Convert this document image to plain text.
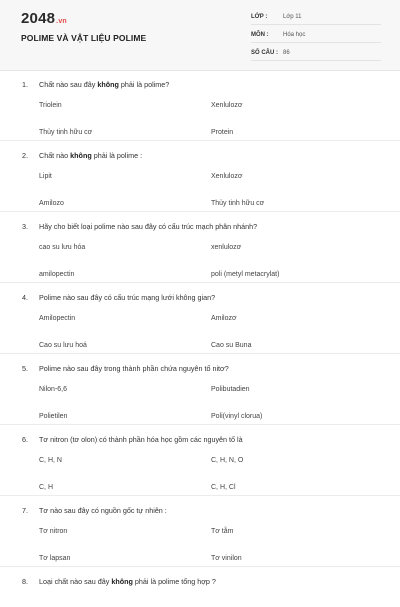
2048.vn
POLIME VÀ VẬT LIỆU POLIME
LỚP :	Lớp 11
MÔN :	Hóa học
SỐ CÂU : 86
1.	Chất nào sau đây không phải là polime?
Triolein	Xenlulozơ
Thủy tinh hữu cơ	Protein
2.	Chất nào không phải là polime :
Lipit	Xenlulozơ
Amilozo	Thủy tinh hữu cơ
3.	Hãy cho biết loại polime nào sau đây có cấu trúc mạch phân nhánh?
cao su lưu hóa	xenlulozơ
amilopectin	poli (metyl metacrylat)
4.	Polime nào sau đây có cấu trúc mạng lưới không gian?
Amilopectin	Amilozơ
Cao su lưu hoá	Cao su Buna
5.	Polime nào sau đây trong thành phần chứa nguyên tố nitơ?
Nilon-6,6	Polibutadien
Polietilen	Poli(vinyl clorua)
6.	Tơ nitron (tơ olon) có thành phần hóa học gồm các nguyên tố là
C, H, N	C, H, N, O
C, H	C, H, Cl
7.	Tơ nào sau đây có nguồn gốc tự nhiên :
Tơ nitron	Tơ tằm
Tơ lapsan	Tơ vinilon
8.	Loại chất nào sau đây không phải là polime tổng hợp ?
